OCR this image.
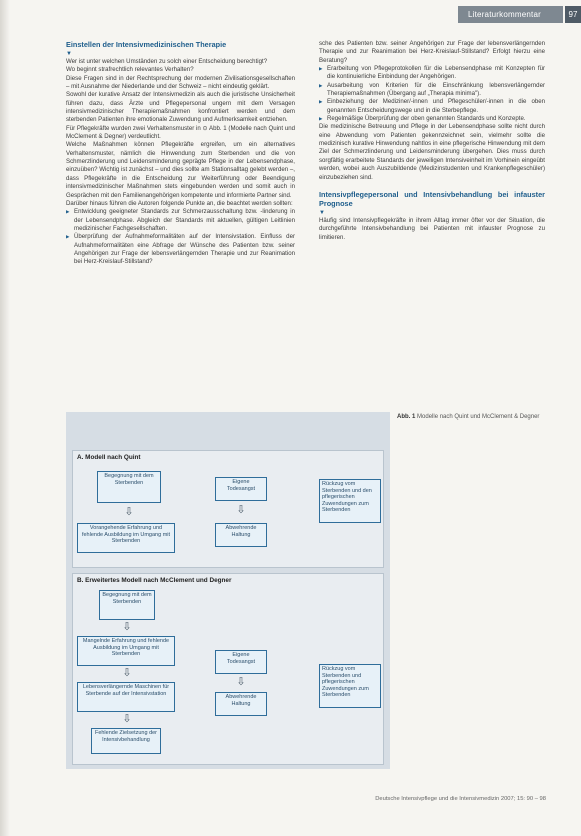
Literaturkommentar	97
Einstellen der Intensivmedizinischen Therapie
▼

Wer ist unter welchen Umständen zu solch einer Entscheidung berechtigt?

Wo beginnt strafrechtlich relevantes Verhalten?

Diese Fragen sind in der Rechtsprechung der modernen Zivilisationsgesellschaften – mit Ausnahme der Niederlande und der Schweiz – nicht eindeutig geklärt.

Sowohl der kurative Ansatz der Intensivmedizin als auch die juristische Unsicherheit führen dazu, dass Ärzte und Pflegepersonal ungern mit dem Versagen intensivmedizinischer Therapiemaßnahmen konfrontiert werden und dem sterbenden Patienten ihre emotionale Zuwendung und Aufmerksamkeit entziehen.

Für Pflegekräfte wurden zwei Verhaltensmuster in ⊙ Abb. 1 (Modelle nach Quint und McClement & Degner) verdeutlicht.

Welche Maßnahmen können Pflegekräfte ergreifen, um ein alternatives Verhaltensmuster, nämlich die Hinwendung zum Sterbenden und die von Schmerzlinderung und Leidensminderung geprägte Pflege in der Lebensendphase, einzuüben? Wichtig ist zunächst – und dies sollte am Stationsalltag gelebt werden –, dass Pflegekräfte in die Entscheidung zur Weiterführung oder Beendigung intensivmedizinischer Maßnahmen stets eingebunden werden und somit auch in Gesprächen mit den Familienangehörigen kompetente und informierte Partner sind.

Darüber hinaus führen die Autoren folgende Punkte an, die beachtet werden sollten:

▶ Entwicklung geeigneter Standards zur Schmerzausschaltung bzw. -linderung in der Lebensendphase. Abgleich der Standards mit aktuellen, gültigen Leitlinien medizinischer Fachgesellschaften.
▶ Überprüfung der Aufnahmeformalitäten auf der Intensivstation. Einfluss der Aufnahmeformalitäten eine Abfrage der Wünsche des Patienten bzw. seiner Angehörigen zur Frage der lebensverlängernden Therapie und zur Reanimation bei Herz-Kreislauf-Stillstand?

sche des Patienten bzw. seiner Angehörigen zur Frage der lebensverlängernden Therapie und zur Reanimation bei Herz-Kreislauf-Stillstand? Erfolgt hierzu eine Beratung?

▶ Erarbeitung von Pflegeprotokollen für die Lebensendphase mit Konzepten für die kontinuierliche Einbindung der Angehörigen.
▶ Ausarbeitung von Kriterien für die Einschränkung lebensverlängernder Therapiemaßnahmen (Übergang auf „Therapia minima").
▶ Einbeziehung der Mediziner/-innen und Pflegeschüler/-innen in die oben genannten Entscheidungswege und in die Sterbepflege.
▶ Regelmäßige Überprüfung der oben genannten Standards und Konzepte.

Die medizinische Betreuung und Pflege in der Lebensendphase sollte nicht durch eine Abwendung vom Patienten gekennzeichnet sein, vielmehr sollte die medizinisch kurative Hinwendung nahtlos in eine pflegerische Hinwendung mit dem Ziel der Schmerzlinderung und Leidensminderung übergehen. Dies muss durch sorgfältig erarbeitete Standards der jeweiligen Intensiveinheit im Vorhinein eingeübt werden, wobei auch Auszubildende (Medizinstudenten und Krankenpflegeschüler) einzubeziehen sind.

Intensivpflegepersonal und Intensivbehandlung bei infauster Prognose
▼

Häufig sind Intensivpflegekräfte in ihrem Alltag immer öfter vor der Situation, die durchgeführte Intensivbehandlung bei Patienten mit infauster Prognose zu limitieren.

A. Modell nach Quint
Begegnung mit dem Sterbenden
⇩
Vorangehende Erfahrung und fehlende Ausbildung im Umgang mit Sterbenden
Eigene Todesangst
⇩
Abwehrende Haltung
Rückzug vom Sterbenden und den pflegerischen Zuwendungen zum Sterbenden
B. Erweitertes Modell nach McClement und Degner
Begegnung mit dem Sterbenden
⇩
Mangelnde Erfahrung und fehlende Ausbildung im Umgang mit Sterbenden
⇩
Lebensverlängernde Maschinen für Sterbende auf der Intensivstation
⇩
Fehlende Zielsetzung der Intensivbehandlung
Eigene Todesangst
⇩
Abwehrende Haltung
Rückzug vom Sterbenden und pflegerischen Zuwendungen zum Sterbenden
Abb. 1 Modelle nach Quint und McClement & Degner
Deutsche Intensivpflege und die Intensivmedizin 2007; 15: 90 – 98
